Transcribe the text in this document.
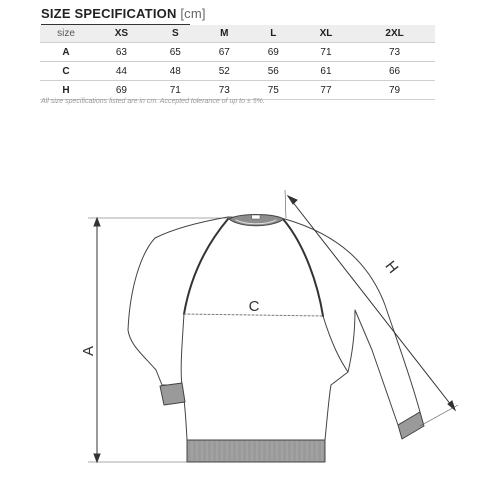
SIZE SPECIFICATION [cm]
size	XS	S	M	L	XL	2XL
A	63	65	67	69	71	73
C	44	48	52	56	61	66
H	69	71	73	75	77	79
All size specifications listed are in cm. Accepted tolerance of up to ± 5%.
A
C
H
